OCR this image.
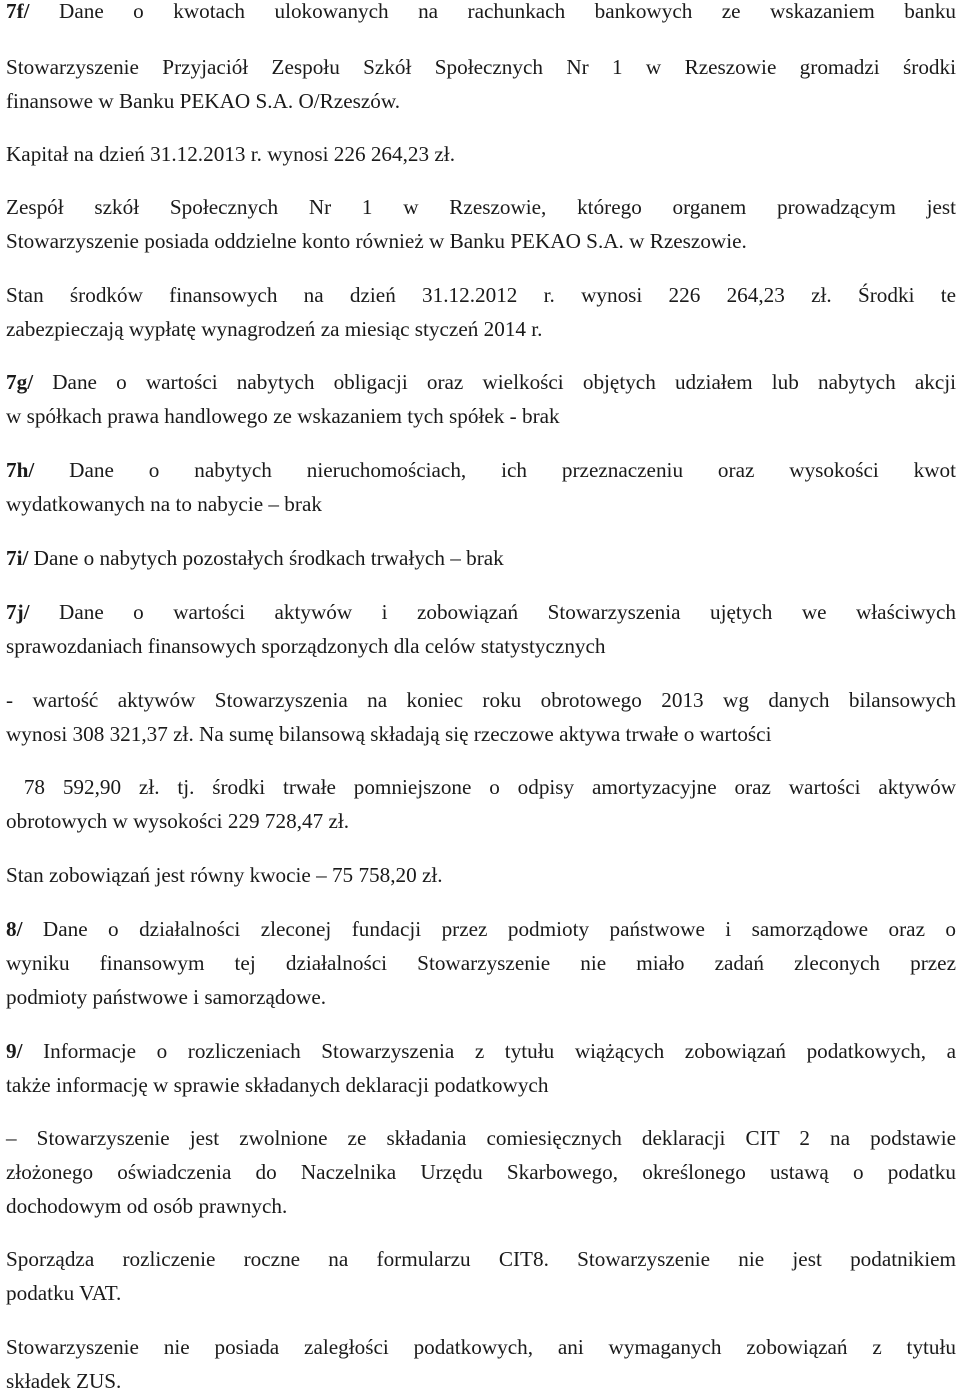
7f/ Dane o kwotach ulokowanych na rachunkach bankowych ze wskazaniem banku

Stowarzyszenie Przyjaciół Zespołu Szkół Społecznych Nr 1 w Rzeszowie gromadzi środki
finansowe w Banku PEKAO S.A. O/Rzeszów.

Kapitał na dzień 31.12.2013 r. wynosi 226 264,23 zł.

Zespół szkół Społecznych Nr 1 w Rzeszowie, którego organem prowadzącym jest
Stowarzyszenie posiada oddzielne konto również w Banku PEKAO S.A. w Rzeszowie.

Stan środków finansowych na dzień 31.12.2012 r. wynosi 226 264,23 zł. Środki te
zabezpieczają wypłatę wynagrodzeń za miesiąc styczeń 2014 r.

7g/ Dane o wartości nabytych obligacji oraz wielkości objętych udziałem lub nabytych akcji
w spółkach prawa handlowego ze wskazaniem tych spółek - brak

7h/ Dane o nabytych nieruchomościach, ich przeznaczeniu oraz wysokości kwot
wydatkowanych na to nabycie – brak

7i/ Dane o nabytych pozostałych środkach trwałych – brak

7j/ Dane o wartości aktywów i zobowiązań Stowarzyszenia ujętych we właściwych
sprawozdaniach finansowych sporządzonych dla celów statystycznych

- wartość aktywów Stowarzyszenia na koniec roku obrotowego 2013 wg danych bilansowych
wynosi 308 321,37 zł. Na sumę bilansową składają się rzeczowe aktywa trwałe o wartości

78 592,90 zł. tj. środki trwałe pomniejszone o odpisy amortyzacyjne oraz wartości aktywów
obrotowych w wysokości 229 728,47 zł.

Stan zobowiązań jest równy kwocie – 75 758,20 zł.

8/ Dane o działalności zleconej fundacji przez podmioty państwowe i samorządowe oraz o
wyniku finansowym tej działalności Stowarzyszenie nie miało zadań zleconych przez
podmioty państwowe i samorządowe.

9/ Informacje o rozliczeniach Stowarzyszenia z tytułu wiążących zobowiązań podatkowych, a
także informację w sprawie składanych deklaracji podatkowych

– Stowarzyszenie jest zwolnione ze składania comiesięcznych deklaracji CIT 2 na podstawie
złożonego oświadczenia do Naczelnika Urzędu Skarbowego, określonego ustawą o podatku
dochodowym od osób prawnych.

Sporządza rozliczenie roczne na formularzu CIT8. Stowarzyszenie nie jest podatnikiem
podatku VAT.

Stowarzyszenie nie posiada zaległości podatkowych, ani wymaganych zobowiązań z tytułu
składek ZUS.
